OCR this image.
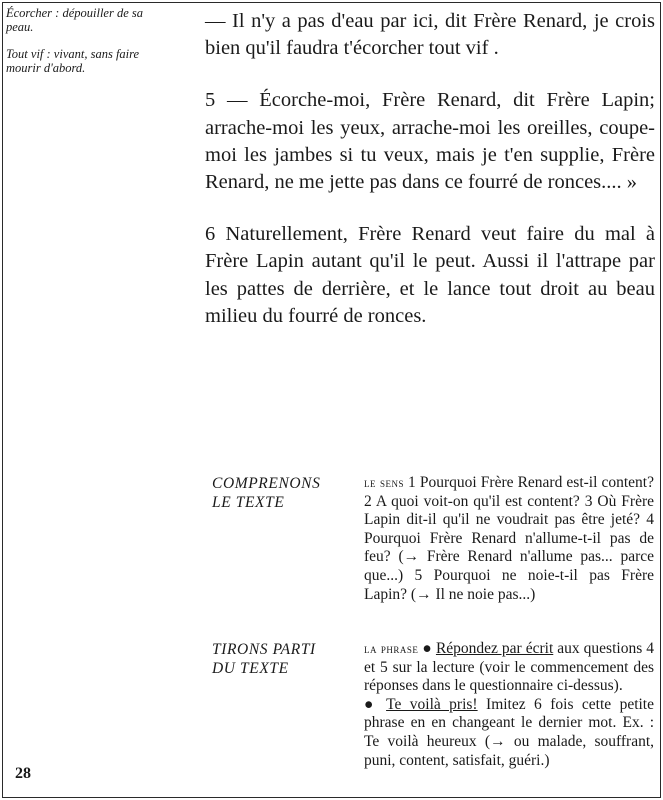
Écorcher : dépouiller de sa peau.

Tout vif : vivant, sans faire mourir d'abord.

— Il n'y a pas d'eau par ici, dit Frère Renard, je crois bien qu'il faudra t'écorcher tout vif .

5 — Écorche-moi, Frère Renard, dit Frère Lapin; arrache-moi les yeux, arrache-moi les oreilles, coupe-moi les jambes si tu veux, mais je t'en supplie, Frère Renard, ne me jette pas dans ce fourré de ronces.... »

6 Naturellement, Frère Renard veut faire du mal à Frère Lapin autant qu'il le peut. Aussi il l'attrape par les pattes de derrière, et le lance tout droit au beau milieu du fourré de ronces.

COMPRENONS
LE TEXTE
le sens 1 Pourquoi Frère Renard est-il content? 2 A quoi voit-on qu'il est content? 3 Où Frère Lapin dit-il qu'il ne voudrait pas être jeté? 4 Pourquoi Frère Renard n'allume-t-il pas de feu? (→ Frère Renard n'allume pas... parce que...) 5 Pourquoi ne noie-t-il pas Frère Lapin? (→ Il ne noie pas...)
TIRONS PARTI
DU TEXTE
la phrase ● Répondez par écrit aux questions 4 et 5 sur la lecture (voir le commencement des réponses dans le questionnaire ci-dessus).
● Te voilà pris! Imitez 6 fois cette petite phrase en en changeant le dernier mot. Ex. : Te voilà heureux (→ ou malade, souffrant, puni, content, satisfait, guéri.)
28
